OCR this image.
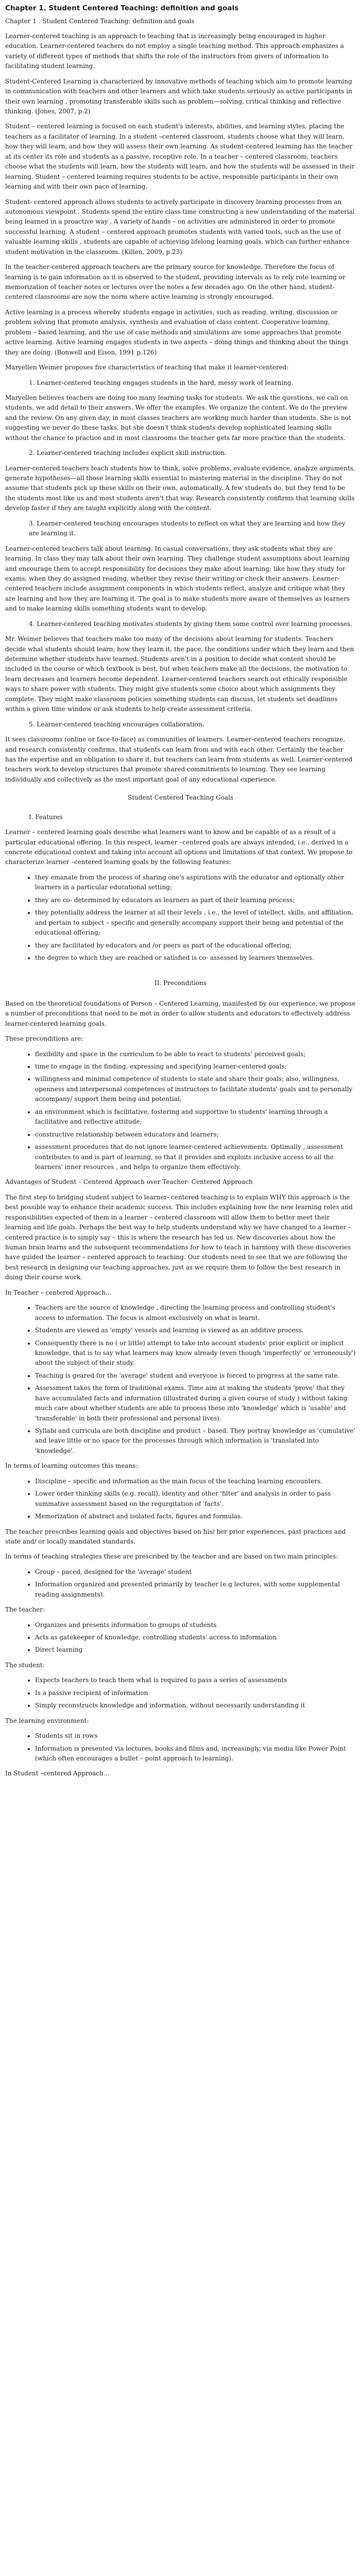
Chapter 1. Student Centered Teaching: definition and goals

Chapter 1 . Student Centered Teaching: definition and goals

Learner-centered teaching is an approach to teaching that is increasingly being encouraged in higher education. Learner-centered teachers do not employ a single teaching method. This approach emphasizes a variety of different types of methods that shifts the role of the instructors from givers of information to facilitating student learning.

Student-Centered Learning is characterized by innovative methods of teaching which aim to promote learning in communication with teachers and other learners and which take students seriously as active participants in their own learning , promoting transferable skills such as problem—solving, critical thinking and reflective thinking. (Jones, 2007, p.2)

Student – centered learning is focused on each student's interests, abilities, and learning styles, placing the teachers as a facilitator of learning. In a student –centered classroom, students choose what they will learn, how they will learn, and how they will assess their own learning. As student-centered learning has the teacher at its center its role and students as a passive, receptive role. In a teacher – centered classroom, teachers choose what the students will learn, how the students will learn, and how the students will be assessed in their learning. Student – centered learning requires students to be active, responsible participants in their own learning and with their own pace of learning.

Student- centered approach allows students to actively participate in discovery learning processes from an autonomous viewpoint . Students spend the entire class time constructing a new understanding of the material being learned in a proactive way . A variety of hands – on activities are administered in order to promote successful learning. A student – centered approach promotes students with varied tools, such as the use of valuable learning skills , students are capable of achieving lifelong learning goals, which can further enhance student motivation in the classroom. (Killen, 2009, p.23)

In the teacher-centered approach teachers are the primary source for knowledge. Therefore the focus of learning is to gain information as it is observed to the student, providing intervals as to rely rote learning or memorization of teacher notes or lectures over the notes a few decades ago. On the other hand, student-centered classrooms are now the norm where active learning is strongly encouraged.

Active learning is a process whereby students engage in activities, such as reading, writing, discussion or problem solving that promote analysis, synthesis and evaluation of class content. Cooperative learning, problem – based learning, and the use of case methods and simulations are some approaches that promote active learning. Active learning engages students in two aspects – doing things and thinking about the things they are doing. (Bonwell and Eison, 1991 p.126)

Maryellen Weimer proposes five characteristics of teaching that make it learner-centered:

1. Learner-centered teaching engages students in the hard, messy work of learning.

Maryellen believes teachers are doing too many learning tasks for students. We ask the questions, we call on students, we add detail to their answers. We offer the examples. We organize the content. We do the preview and the review. On any given day, in most classes teachers are working much harder than students. She is not suggesting we never do these tasks, but she doesn't think students develop sophisticated learning skills without the chance to practice and in most classrooms the teacher gets far more practice than the students.

2. Learner-centered teaching includes explicit skill instruction.

Learner-centered teachers teach students how to think, solve problems, evaluate evidence, analyze arguments, generate hypotheses—all those learning skills essential to mastering material in the discipline. They do not assume that students pick up these skills on their own, automatically. A few students do, but they tend to be the students most like us and most students aren't that way. Research consistently confirms that learning skills develop faster if they are taught explicitly along with the content.

3. Learner-centered teaching encourages students to reflect on what they are learning and how they are learning it.

Learner-centered teachers talk about learning. In casual conversations, they ask students what they are learning. In class they may talk about their own learning. They challenge student assumptions about learning and encourage them to accept responsibility for decisions they make about learning; like how they study for exams, when they do assigned reading, whether they revise their writing or check their answers. Learner-centered teachers include assignment components in which students reflect, analyze and critique what they are learning and how they are learning it. The goal is to make students more aware of themselves as learners and to make learning skills something students want to develop.

4. Learner-centered teaching motivates students by giving them some control over learning processes.

Mr. Weimer believes that teachers make too many of the decisions about learning for students. Teachers decide what students should learn, how they learn it, the pace, the conditions under which they learn and then determine whether students have learned. Students aren't in a position to decide what content should be included in the course or which textbook is best, but when teachers make all the decisions, the motivation to learn decreases and learners become dependent. Learner-centered teachers search out ethically responsible ways to share power with students. They might give students some choice about which assignments they complete. They might make classroom policies something students can discuss, let students set deadlines within a given time window or ask students to help create assessment criteria.

5. Learner-centered teaching encourages collaboration.

It sees classrooms (online or face-to-face) as communities of learners. Learner-centered teachers recognize, and research consistently confirms, that students can learn from and with each other. Certainly the teacher has the expertise and an obligation to share it, but teachers can learn from students as well. Learner-centered teachers work to develop structures that promote shared commitments to learning. They see learning individually and collectively as the most important goal of any educational experience.

Student Centered Teaching Goals

I. Features

Learner – centered learning goals describe what learners want to know and be capable of as a result of a particular educational offering. In this respect, learner –centered goals are always intended, i.e., derived in a concrete educational context and taking into account all options and limitations of that context. We propose to characterize learner –centered learning goals by the following features:

• they emanate from the process of sharing one's aspirations with the educator and optionally other learners in a particular educational setting;
• they are co- determined by educators as learners as part of their learning process;
• they potentially address the learner at all their levels , i.e., the level of intellect, skills, and affiliation, and pertain to subject – specific and generally accompany support their being and potential of the educational offering;
• they are facilitated by educators and /or peers as part of the educational offering;
• the degree to which they are reached or satisfied is co- assessed by learners themselves.

II. Preconditions

Based on the theoretical foundations of Person – Centered Learning, manifested by our experience, we propose a number of preconditions that need to be met in order to allow students and educators to effectively address learner-centered learning goals.

These preconditions are:

• flexibility and space in the curriculum to be able to react to students' perceived goals;
• time to engage in the finding, expressing and specifying learner-centered goals;
• willingness and minimal competence of students to state and share their goals; also, willingness, openness and interpersonal competences of instructors to facilitate students' goals and to personally accompany/ support them being and potential;
• an environment which is facilitative, fostering and supportive to students' learning through a facilitative and reflective attitude;
• constructive relationship between educators and learners;
• assessment procedures that do not ignore learner-centered achievements. Optimally , assessment contributes to and is part of learning, so that it provides and exploits inclusive access to all the learners' inner resources , and helps to organize them effectively.

Advantages of Student – Centered Approach over Teacher- Centered Approach

The first step to bridging student subject to learner- centered teaching is to explain WHY this approach is the best possible way to enhance their academic success. This includes explaining how the new learning roles and responsibilities expected of them in a learner – centered classroom will allow them to better meet their learning and life goals. Perhaps the best way to help students understand why we have changed to a learner – centered practice is to simply say – this is where the research has led us. New discoveries about how the human brain learns and the subsequent recommendations for how to teach in harmony with these discoveries have guided the learner – centered approach to teaching. Our students need to see that we are following the best research in designing our teaching approaches, just as we require them to follow the best research in doing their course work.

In Teacher – centered Approach...

• Teachers are the source of knowledge , directing the learning process and controlling student's access to information. The focus is almost exclusively on what is learnt.
• Students are viewed as 'empty' vessels and learning is viewed as an additive process.
• Consequently there is no ( or little) attempt to take into account students' prior explicit or implicit knowledge, that is to say what learners may know already (even though 'imperfectly' or 'erroneously') about the subject of their study.
• Teaching is geared for the 'average' student and everyone is forced to progress at the same rate.
• Assessment takes the form of traditional exams. Time aim at making the students 'prove' that they have accumulated facts and information (illustrated during a given course of study ) without taking much care about whether students are able to process these into 'knowledge' which is 'usable' and 'transferable' in both their professional and personal lives).
• Syllabi and curricula are both discipline and product – based. They portray knowledge as 'cumulative' and leave little or no space for the processes through which information is 'translated into 'knowledge'.

In terms of learning outcomes this means:

• Discipline – specific and information as the main focus of the teaching learning encounters.
• Lower order thinking skills (e.g. recall), identity and other 'filter' and analysis in order to pass summative assessment based on the regurgitation of 'facts'.
• Memorization of abstract and isolated facts, figures and formulas.

The teacher prescribes learning goals and objectives based on his/ her prior experiences, past practices and state and/ or locally mandated standards.

In terms of teaching strategies these are prescribed by the teacher and are based on two main principles:

• Group – paced, designed for the 'average' student
• Information organized and presented primarily by teacher (e.g lectures, with some supplemental reading assignments).

The teacher:

• Organizes and presents information to groups of students
• Acts as gatekeeper of knowledge, controlling students' access to information
• Direct learning

The student:

• Expects teachers to teach them what is required to pass a series of assessments
• Is a passive recipient of information
• Simply reconstructs knowledge and information, without necessarily understanding it

The learning environment:

• Students sit in rows
• Information is presented via lectures, books and films and, increasingly, via media like Power Point (which often encourages a bullet – point approach to learning).

In Student –centered Approach...
